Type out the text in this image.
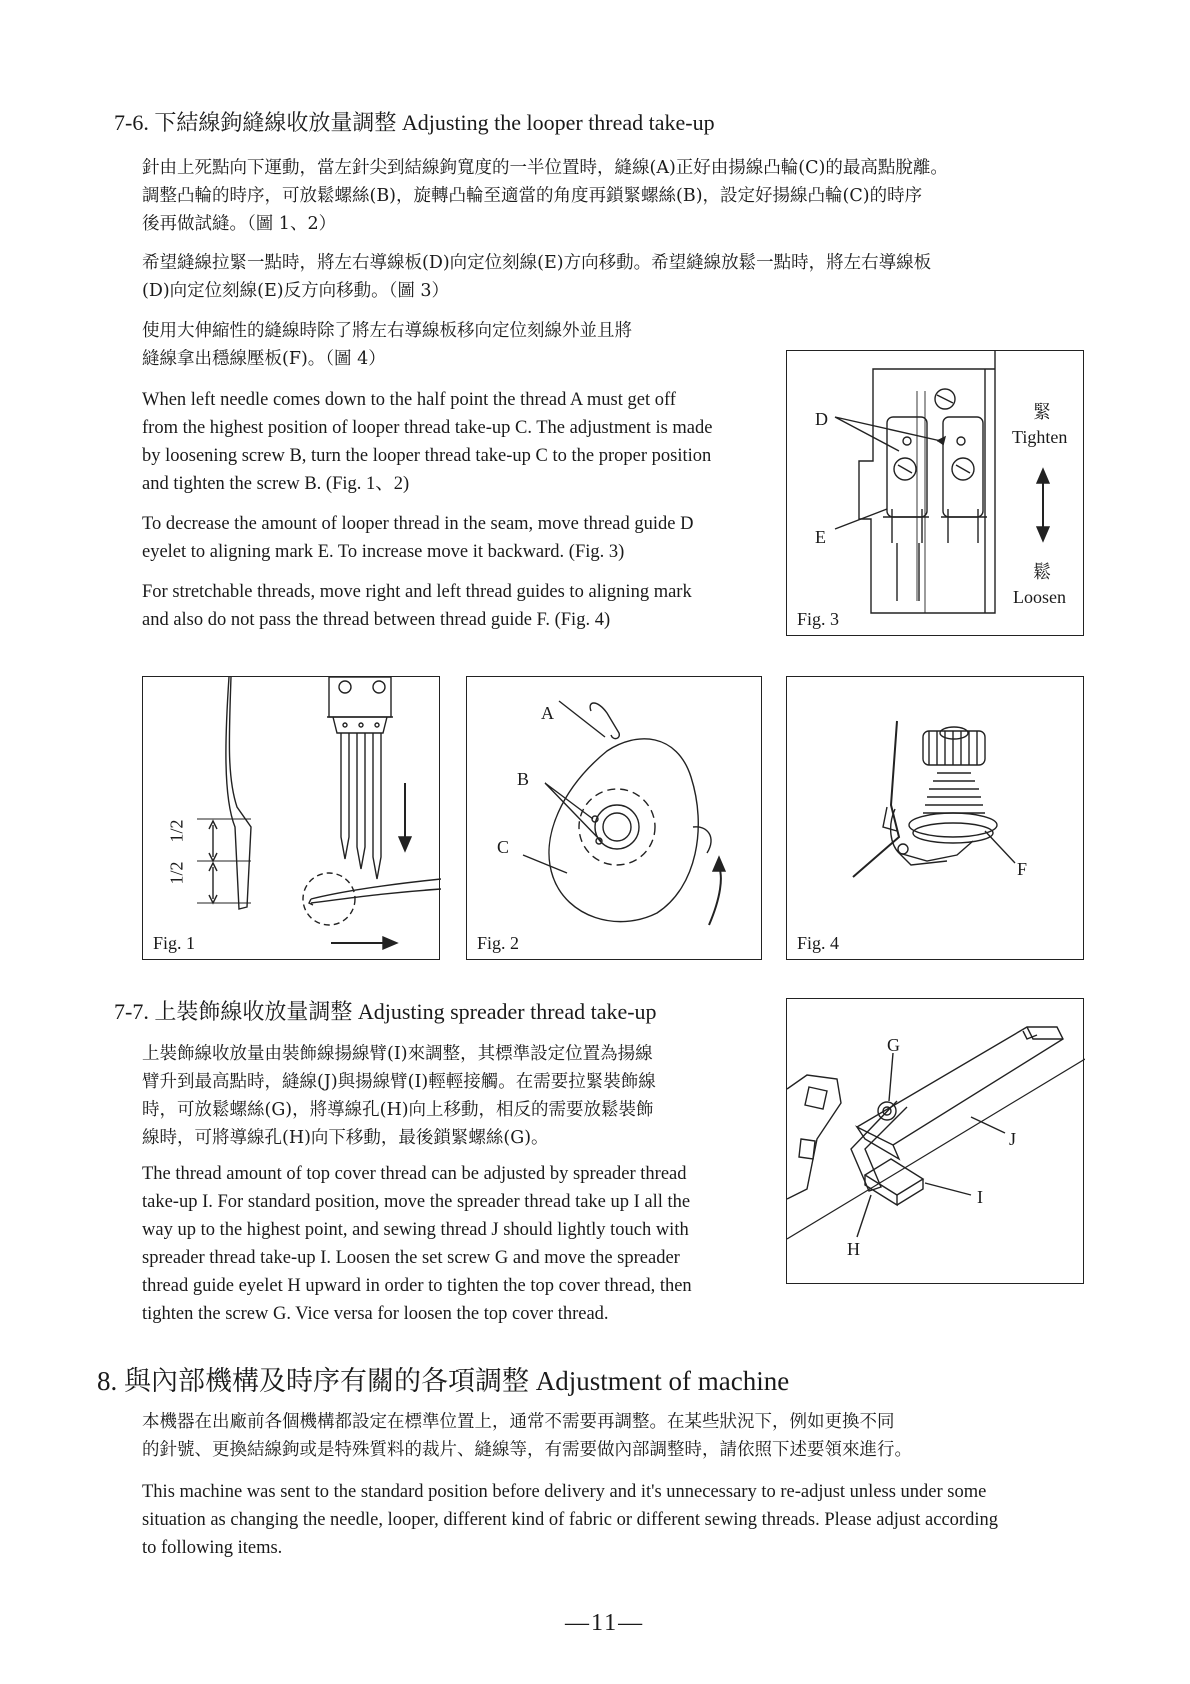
7-6. 下結線鉤縫線收放量調整 Adjusting the looper thread take-up
針由上死點向下運動，當左針尖到結線鉤寬度的一半位置時，縫線(A)正好由揚線凸輪(C)的最高點脫離。
調整凸輪的時序，可放鬆螺絲(B)，旋轉凸輪至適當的角度再鎖緊螺絲(B)，設定好揚線凸輪(C)的時序
後再做試縫。（圖 1、2）
希望縫線拉緊一點時，將左右導線板(D)向定位刻線(E)方向移動。希望縫線放鬆一點時，將左右導線板
(D)向定位刻線(E)反方向移動。（圖 3）
使用大伸縮性的縫線時除了將左右導線板移向定位刻線外並且將
縫線拿出穩線壓板(F)。（圖 4）
When left needle comes down to the half point the thread A must get off
from the highest position of looper thread take-up C. The adjustment is made
by loosening screw B, turn the looper thread take-up C to the proper position
and tighten the screw B. (Fig. 1、2)
To decrease the amount of looper thread in the seam, move thread guide D
eyelet to aligning mark E. To increase move it backward. (Fig. 3)
For stretchable threads, move right and left thread guides to aligning mark
and also do not pass the thread between thread guide F. (Fig. 4)
D
E
緊
Tighten
鬆
Loosen
Fig. 3
1/2
1/2
Fig. 1
A
B
C
Fig. 2
F
Fig. 4
7-7. 上裝飾線收放量調整 Adjusting spreader thread take-up
上裝飾線收放量由裝飾線揚線臂(I)來調整，其標準設定位置為揚線
臂升到最高點時，縫線(J)與揚線臂(I)輕輕接觸。在需要拉緊裝飾線
時，可放鬆螺絲(G)，將導線孔(H)向上移動，相反的需要放鬆裝飾
線時，可將導線孔(H)向下移動，最後鎖緊螺絲(G)。
The thread amount of top cover thread can be adjusted by spreader thread
take-up I. For standard position, move the spreader thread take up I all the
way up to the highest point, and sewing thread J should lightly touch with
spreader thread take-up I. Loosen the set screw G and move the spreader
thread guide eyelet H upward in order to tighten the top cover thread, then
tighten the screw G. Vice versa for loosen the top cover thread.
G
J
I
H
8. 與內部機構及時序有關的各項調整 Adjustment of machine
本機器在出廠前各個機構都設定在標準位置上，通常不需要再調整。在某些狀況下，例如更換不同
的針號、更換結線鉤或是特殊質料的裁片、縫線等，有需要做內部調整時，請依照下述要領來進行。
This machine was sent to the standard position before delivery and it's unnecessary to re-adjust unless under some
situation as changing the needle, looper, different kind of fabric or different sewing threads. Please adjust according
to following items.
—11—
